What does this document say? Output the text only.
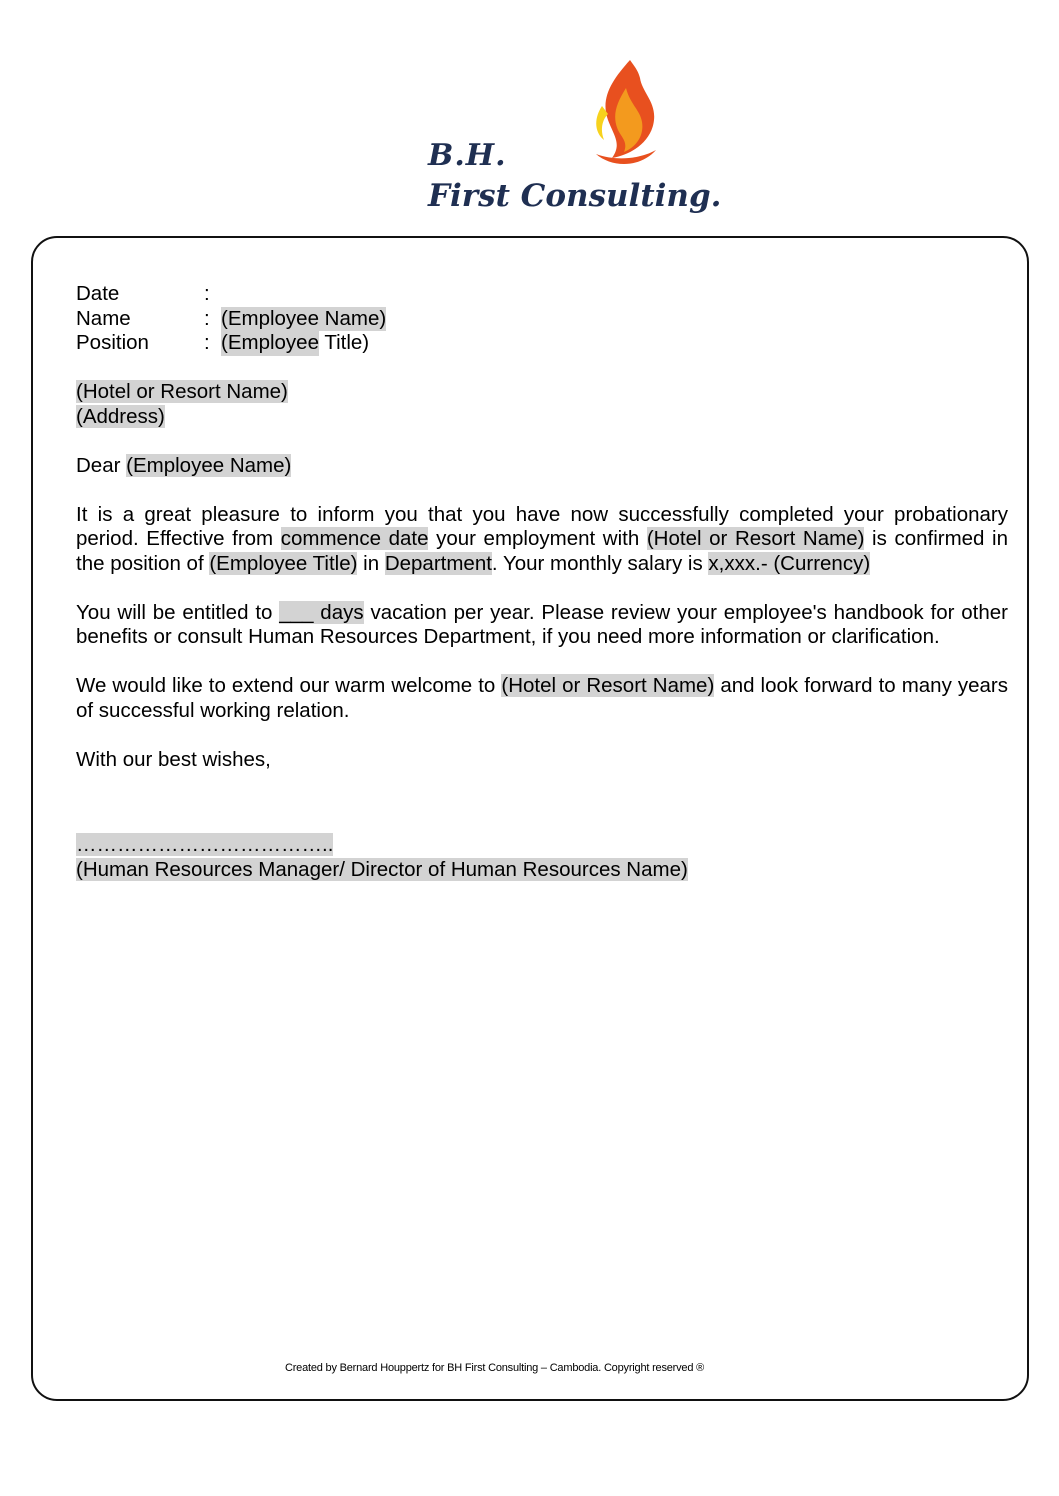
B.H.
First Consulting.
Date	:
Name	: (Employee Name)
Position	: (Employee Title)
(Hotel or Resort Name)
(Address)
Dear (Employee Name)

It is a great pleasure to inform you that you have now successfully completed your probationary period. Effective from commence date your employment with (Hotel or Resort Name) is confirmed in the position of (Employee Title) in Department. Your monthly salary is x,xxx.- (Currency)

You will be entitled to ___ days vacation per year. Please review your employee's handbook for other benefits or consult Human Resources Department, if you need more information or clarification.

We would like to extend our warm welcome to (Hotel or Resort Name) and look forward to many years of successful working relation.

With our best wishes,
………………………………..
(Human Resources Manager/ Director of Human Resources Name)
Created by Bernard Houppertz for BH First Consulting – Cambodia. Copyright reserved ®
